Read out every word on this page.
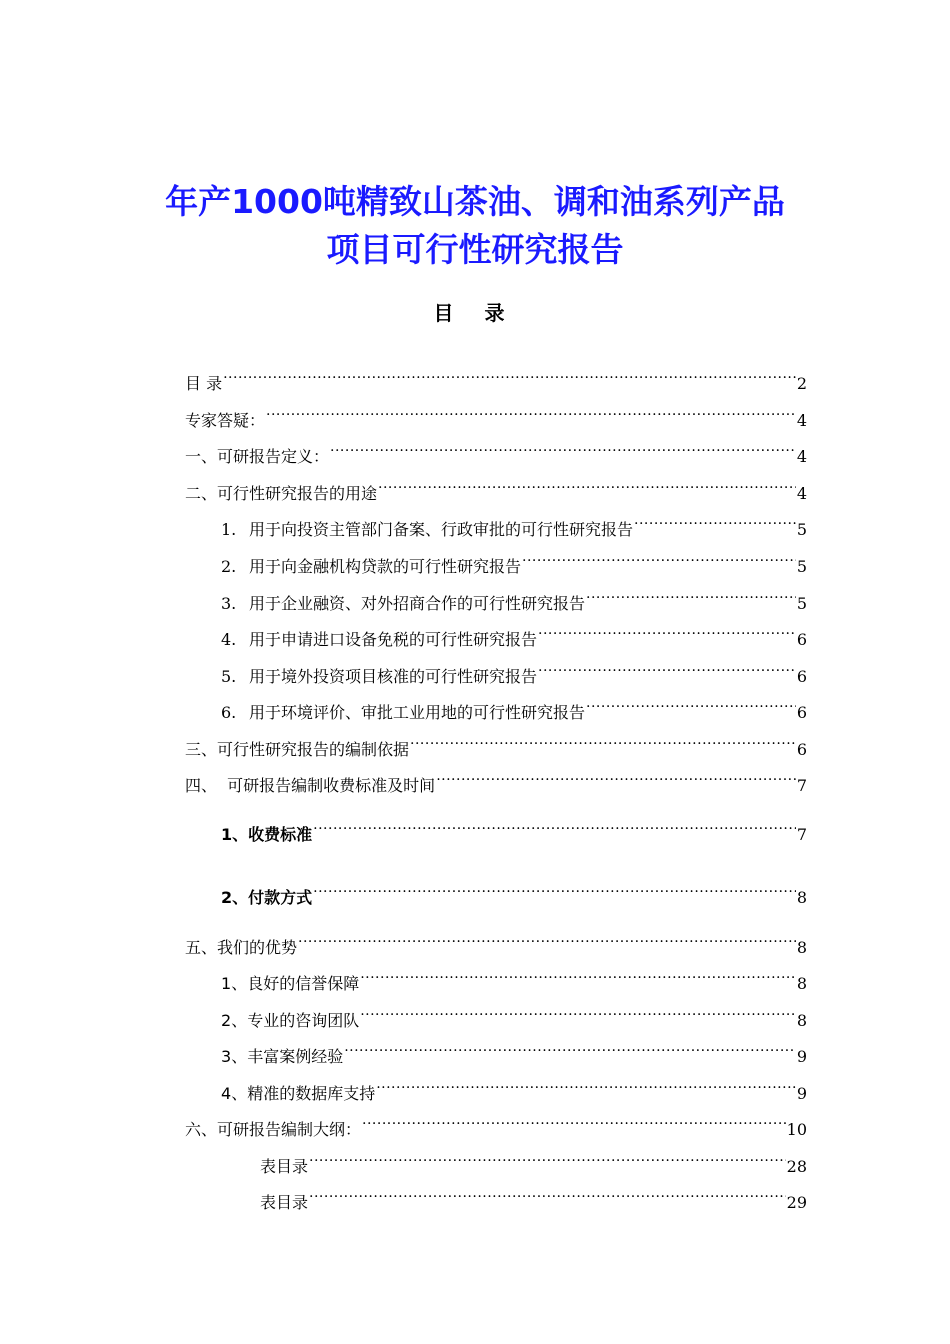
年产1000吨精致山茶油、调和油系列产品
项目可行性研究报告
目 录
目 录 .....	2
专家答疑： .....	4
一、可研报告定义： .....	4
二、可行性研究报告的用途 .....	4
1. 用于向投资主管部门备案、行政审批的可行性研究报告 .....	5
2. 用于向金融机构贷款的可行性研究报告 .....	5
3. 用于企业融资、对外招商合作的可行性研究报告 .....	5
4. 用于申请进口设备免税的可行性研究报告 .....	6
5. 用于境外投资项目核准的可行性研究报告 .....	6
6. 用于环境评价、审批工业用地的可行性研究报告 .....	6
三、可行性研究报告的编制依据 .....	6
四、  可研报告编制收费标准及时间 .....	7
1、 收费标准 .....	7
2、 付款方式 .....	8
五、我们的优势 .....	8
1 、良好的信誉保障 .....	8
2 、专业的咨询团队 .....	8
3 、丰富案例经验 .....	9
4 、精准的数据库支持 .....	9
六、可研报告编制大纲： .....	10
表目录 .....	28
表目录 .....	29
